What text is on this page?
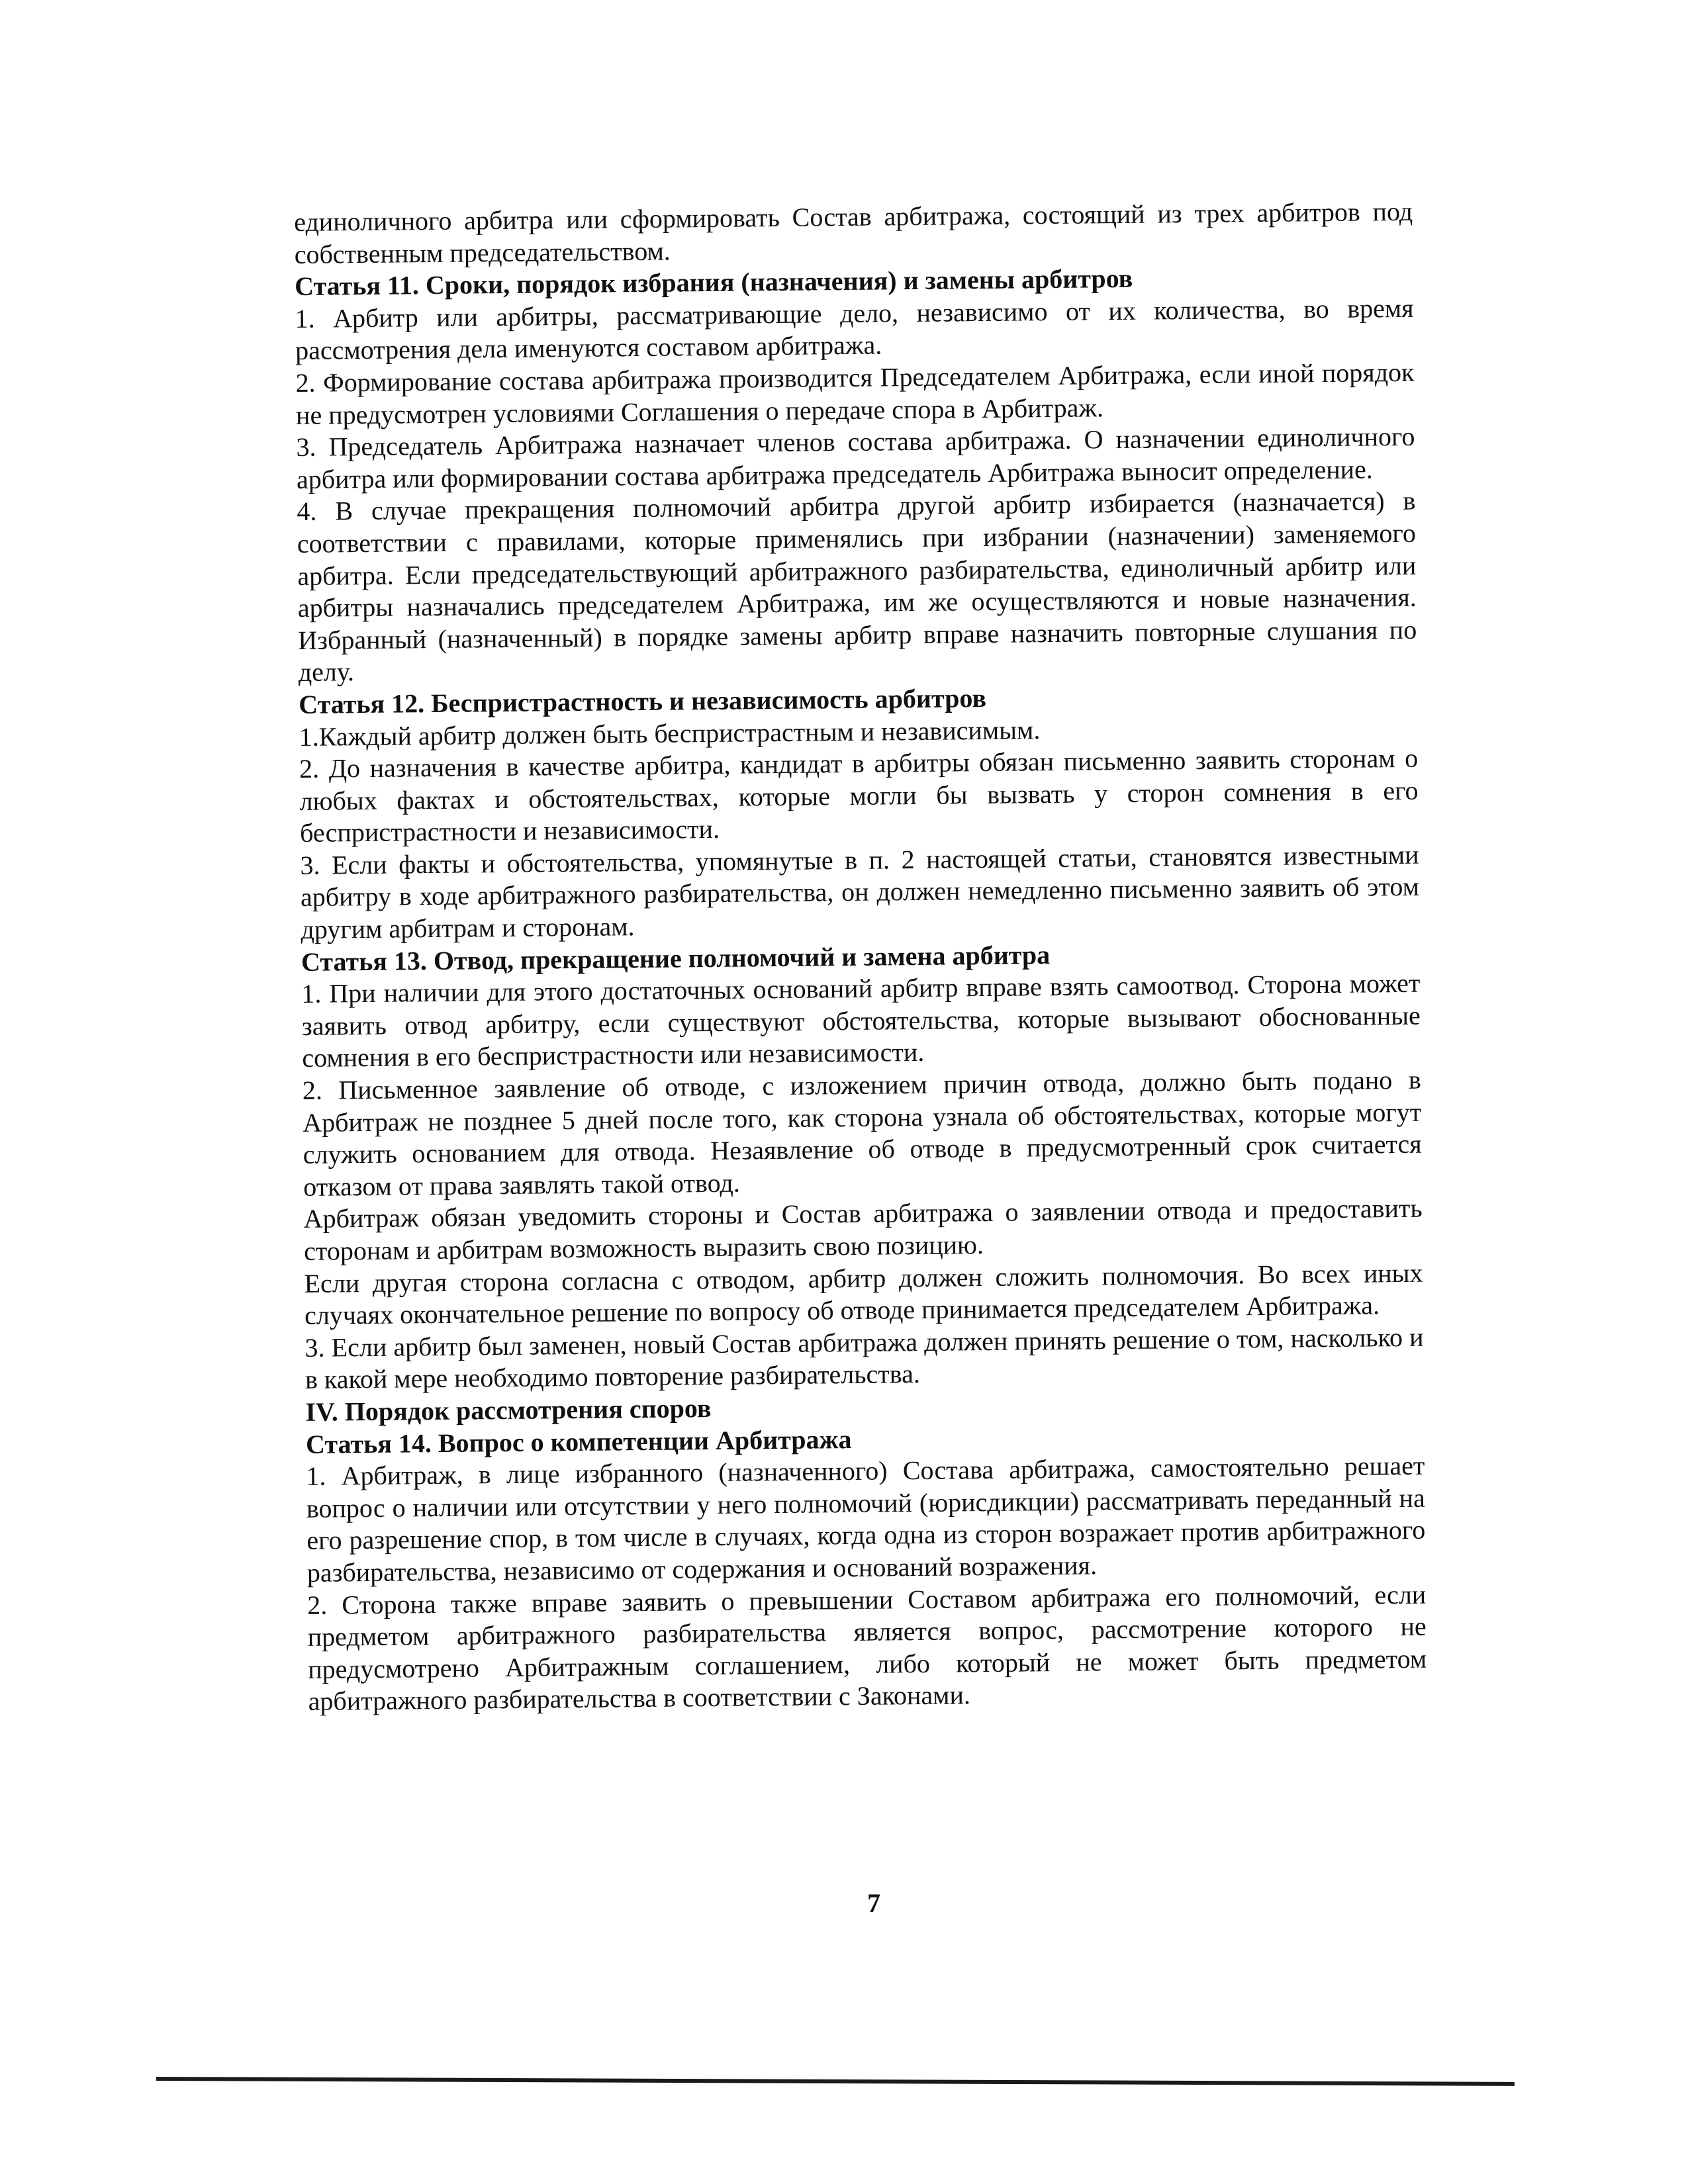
единоличного арбитра или сформировать Состав арбитража, состоящий из трех арбитров под собственным председательством.

Статья 11. Сроки, порядок избрания (назначения) и замены арбитров

1. Арбитр или арбитры, рассматривающие дело, независимо от их количества, во время рассмотрения дела именуются составом арбитража.

2. Формирование состава арбитража производится Председателем Арбитража, если иной порядок не предусмотрен условиями Соглашения о передаче спора в Арбитраж.

3. Председатель Арбитража назначает членов состава арбитража. О назначении единоличного арбитра или формировании состава арбитража председатель Арбитража выносит определение.

4. В случае прекращения полномочий арбитра другой арбитр избирается (назначается) в соответствии с правилами, которые применялись при избрании (назначении) заменяемого арбитра. Если председательствующий арбитражного разбирательства, единоличный арбитр или арбитры назначались председателем Арбитража, им же осуществляются и новые назначения. Избранный (назначенный) в порядке замены арбитр вправе назначить повторные слушания по делу.

Статья 12. Беспристрастность и независимость арбитров

1.Каждый арбитр должен быть беспристрастным и независимым.

2. До назначения в качестве арбитра, кандидат в арбитры обязан письменно заявить сторонам о любых фактах и обстоятельствах, которые могли бы вызвать у сторон сомнения в его беспристрастности и независимости.

3. Если факты и обстоятельства, упомянутые в п. 2 настоящей статьи, становятся известными арбитру в ходе арбитражного разбирательства, он должен немедленно письменно заявить об этом другим арбитрам и сторонам.

Статья 13. Отвод, прекращение полномочий и замена арбитра

1. При наличии для этого достаточных оснований арбитр вправе взять самоотвод. Сторона может заявить отвод арбитру, если существуют обстоятельства, которые вызывают обоснованные сомнения в его беспристрастности или независимости.

2. Письменное заявление об отводе, с изложением причин отвода, должно быть подано в Арбитраж не позднее 5 дней после того, как сторона узнала об обстоятельствах, которые могут служить основанием для отвода. Незаявление об отводе в предусмотренный срок считается отказом от права заявлять такой отвод.

Арбитраж обязан уведомить стороны и Состав арбитража о заявлении отвода и предоставить сторонам и арбитрам возможность выразить свою позицию.

Если другая сторона согласна с отводом, арбитр должен сложить полномочия. Во всех иных случаях окончательное решение по вопросу об отводе принимается председателем Арбитража.

3. Если арбитр был заменен, новый Состав арбитража должен принять решение о том, насколько и в какой мере необходимо повторение разбирательства.

IV. Порядок рассмотрения споров

Статья 14. Вопрос о компетенции Арбитража

1. Арбитраж, в лице избранного (назначенного) Состава арбитража, самостоятельно решает вопрос о наличии или отсутствии у него полномочий (юрисдикции) рассматривать переданный на его разрешение спор, в том числе в случаях, когда одна из сторон возражает против арбитражного разбирательства, независимо от содержания и оснований возражения.

2. Сторона также вправе заявить о превышении Составом арбитража его полномочий, если предметом арбитражного разбирательства является вопрос, рассмотрение которого не предусмотрено Арбитражным соглашением, либо который не может быть предметом арбитражного разбирательства в соответствии с Законами.

7
